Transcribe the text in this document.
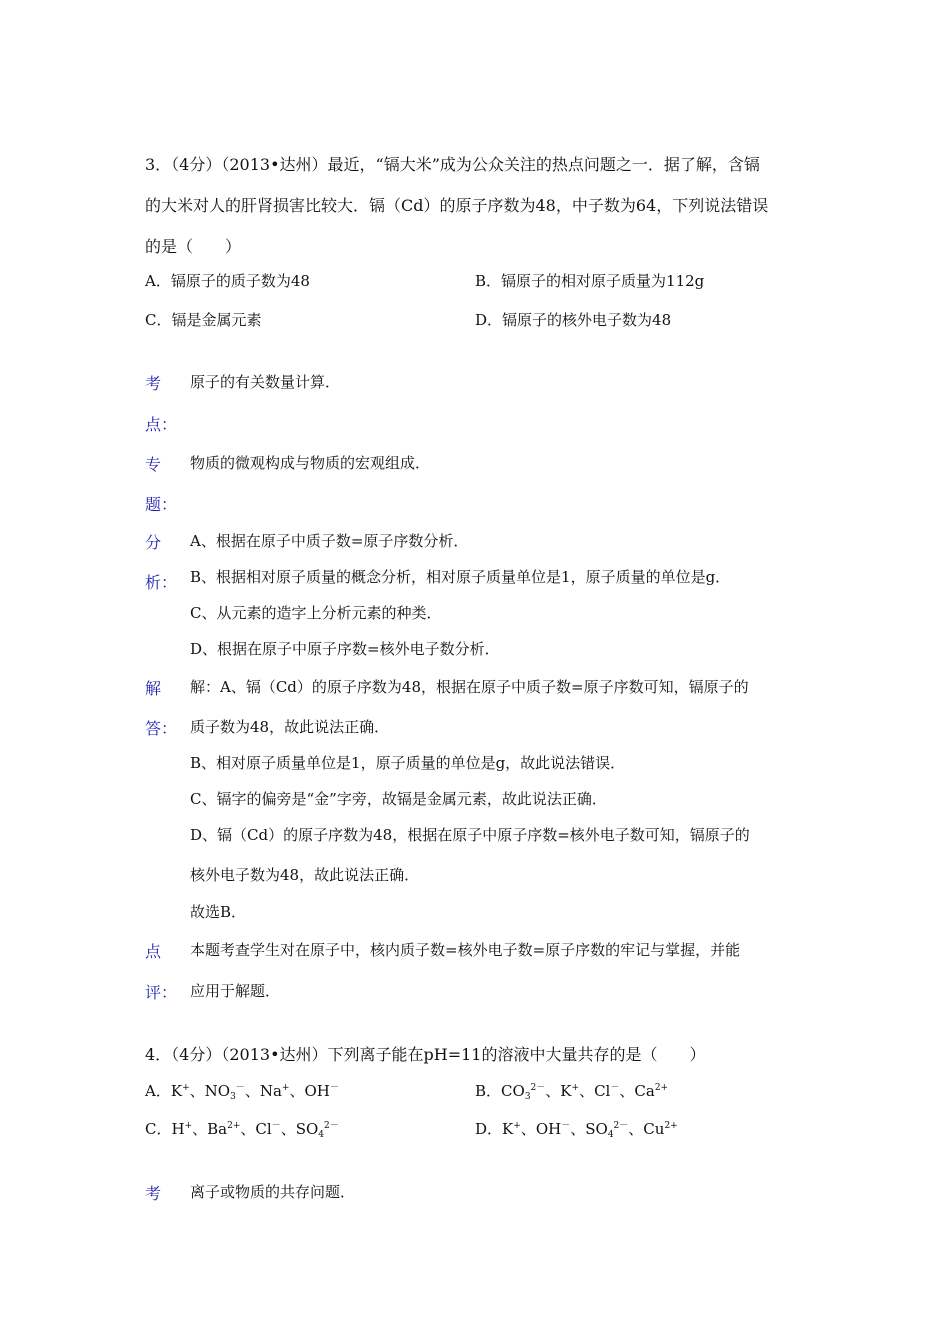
3．（4分）（2013•达州）最近，“镉大米”成为公众关注的热点问题之一．据了解，含镉
的大米对人的肝肾损害比较大．镉（Cd）的原子序数为48，中子数为64，下列说法错误
的是（　　）
A．镉原子的质子数为48	B．镉原子的相对原子质量为112g
C．镉是金属元素	D．镉原子的核外电子数为48
考
点：
原子的有关数量计算．
专
题：
物质的微观构成与物质的宏观组成．
分
析：
A、根据在原子中质子数=原子序数分析．
B、根据相对原子质量的概念分析，相对原子质量单位是1，原子质量的单位是g．
C、从元素的造字上分析元素的种类．
D、根据在原子中原子序数=核外电子数分析．
解
答：
解：A、镉（Cd）的原子序数为48，根据在原子中质子数=原子序数可知，镉原子的
质子数为48，故此说法正确．
B、相对原子质量单位是1，原子质量的单位是g，故此说法错误．
C、镉字的偏旁是“金”字旁，故镉是金属元素，故此说法正确．
D、镉（Cd）的原子序数为48，根据在原子中原子序数=核外电子数可知，镉原子的
核外电子数为48，故此说法正确．
故选B．
点
评：
本题考查学生对在原子中，核内质子数=核外电子数=原子序数的牢记与掌握，并能
应用于解题．
4．（4分）（2013•达州）下列离子能在pH=11的溶液中大量共存的是（　　）
A．K+、$NO_3^-$、Na+、OH－	B．$CO_3^{2-}$、K+、Cl－、$Ca^{2+}$
C．H+、$Ba^{2+}$、Cl－、$SO_4^{2-}$	D．K+、OH－、$SO_4^{2-}$、$Cu^{2+}$
考 离子或物质的共存问题．
